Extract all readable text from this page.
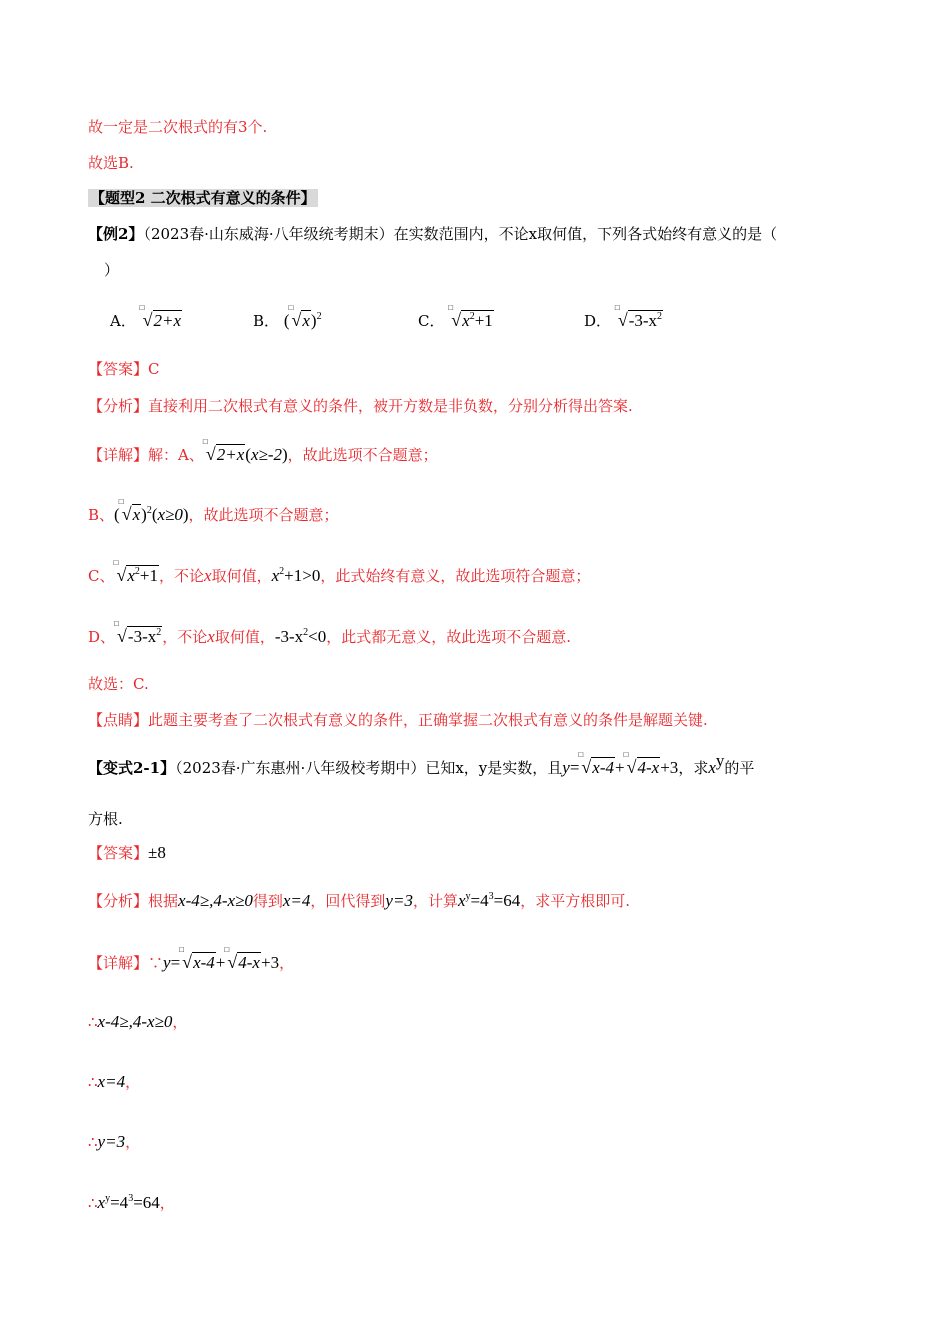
故一定是二次根式的有3个.
故选B.
【题型2 二次根式有意义的条件】
【例2】（2023春·山东威海·八年级统考期末）在实数范围内，不论x取何值，下列各式始终有意义的是（
）
A．
□
√2+x	B． (
□
√x)$^2$	C．
□
$√x^2+1$	D．
□
$√-3-x^2$
【答案】C
【分析】直接利用二次根式有意义的条件，被开方数是非负数，分别分析得出答案.
【详解】解：A、
□
√2+x(x≥-2)，故此选项不合题意；
B、(
□
√x)$^2$(x≥0)，故此选项不合题意；
C、
□
$√x^2+1$，不论x取何值，$x^2+1>0$，此式始终有意义，故此选项符合题意；
D、
□
$√-3-x^2$，不论x取何值，$-3-x^2<0$，此式都无意义，故此选项不合题意.
故选：C.
【点睛】此题主要考查了二次根式有意义的条件，正确掌握二次根式有意义的条件是解题关键.
【变式2-1】（2023春·广东惠州·八年级校考期中）已知x，y是实数，且y=
□
√x-4+
□
√4-x+3，求$x^y$的平
方根.
【答案】±8
【分析】根据x-4≥,4-x≥0得到x=4，回代得到y=3，计算$x^y=4^3=64$，求平方根即可.
【详解】∵y=
□
√x-4+
□
√4-x+3，
∴x-4≥,4-x≥0，
∴x=4，
∴y=3，
$\therefore x^y=4^3=64$，
